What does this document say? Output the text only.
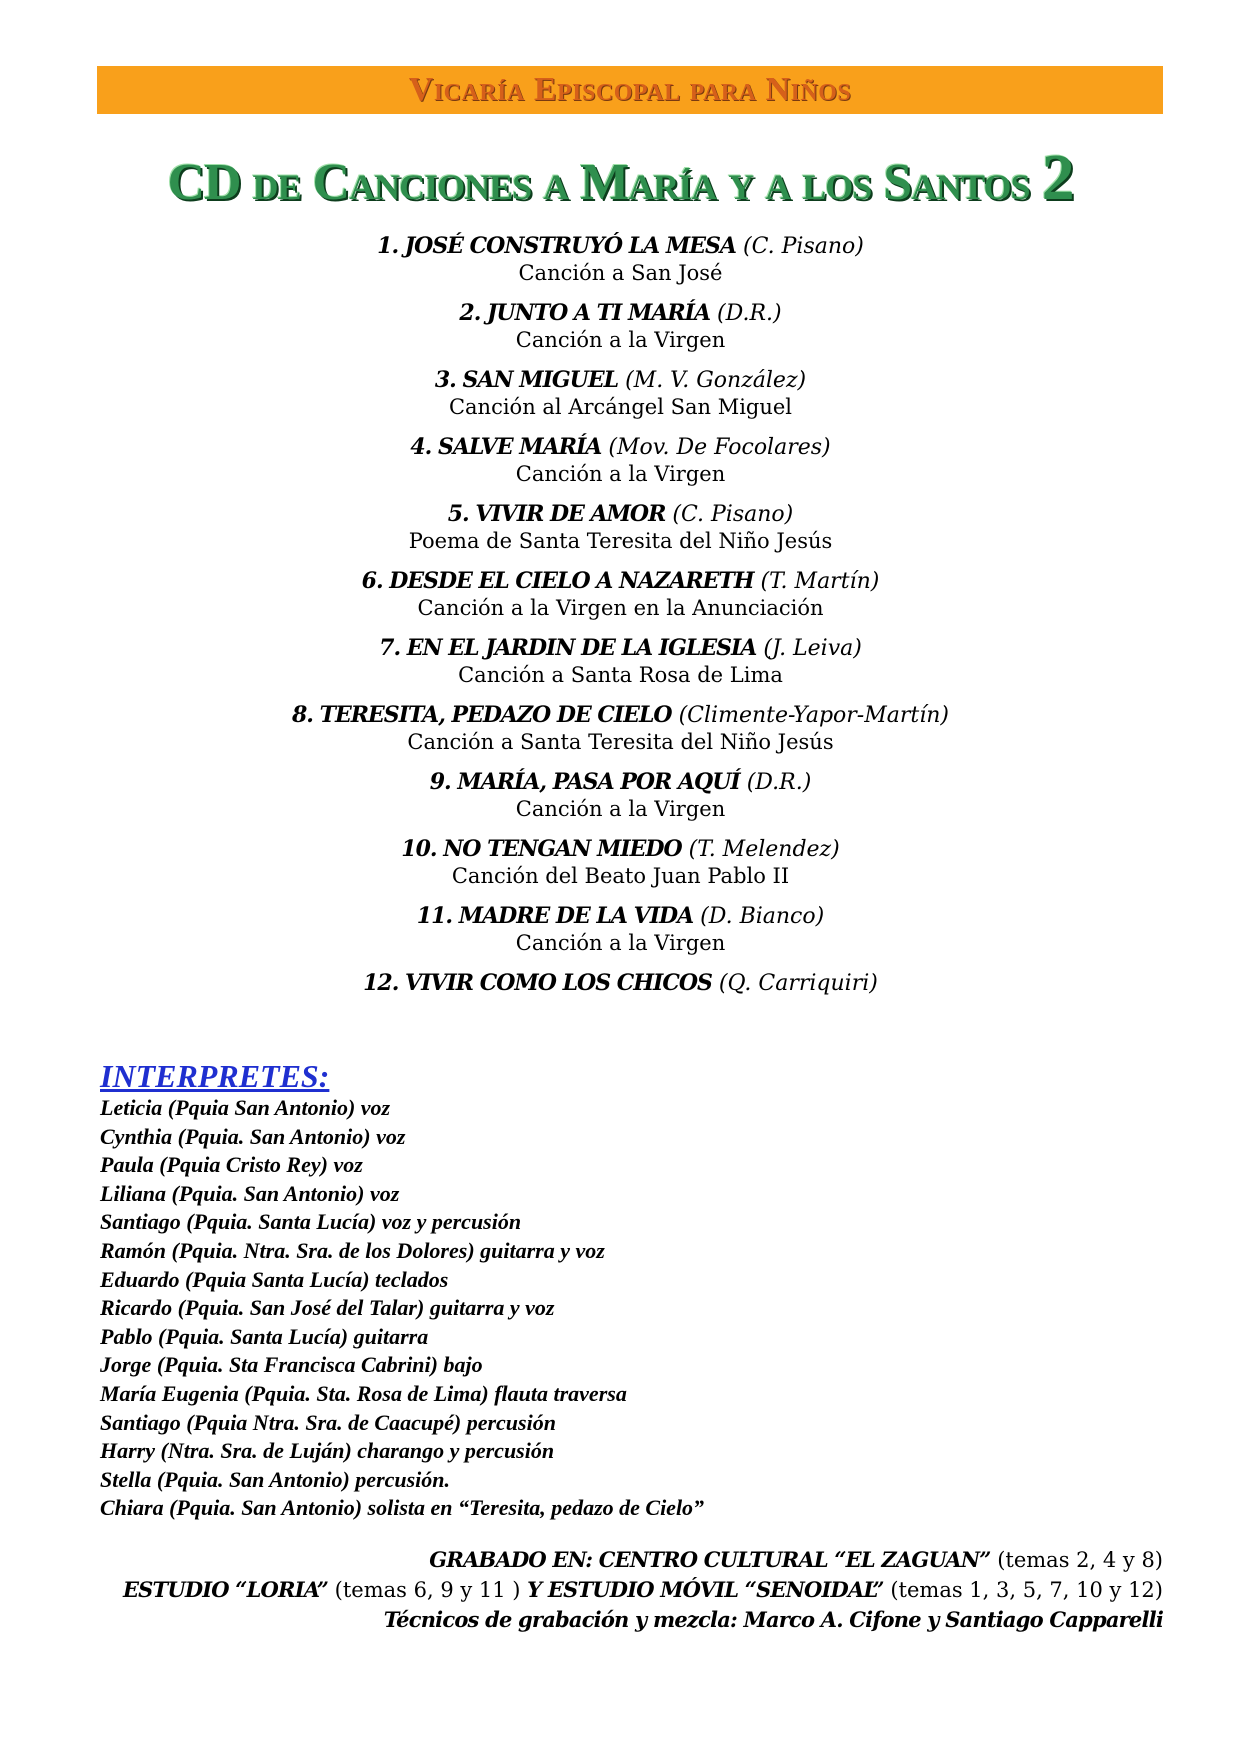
Vicaría Episcopal para Niños
CD de Canciones a María y a los Santos 2
1. JOSÉ CONSTRUYÓ LA MESA (C. Pisano)
Canción a San José
2. JUNTO A TI MARÍA (D.R.)
Canción a la Virgen
3. SAN MIGUEL (M. V. González)
Canción al Arcángel San Miguel
4. SALVE MARÍA (Mov. De Focolares)
Canción a la Virgen
5. VIVIR DE AMOR (C. Pisano)
Poema de Santa Teresita del Niño Jesús
6. DESDE EL CIELO A NAZARETH (T. Martín)
Canción a la Virgen en la Anunciación
7. EN EL JARDIN DE LA IGLESIA (J. Leiva)
Canción a Santa Rosa de Lima
8. TERESITA, PEDAZO DE CIELO (Climente-Yapor-Martín)
Canción a Santa Teresita del Niño Jesús
9. MARÍA, PASA POR AQUÍ (D.R.)
Canción a la Virgen
10. NO TENGAN MIEDO (T. Melendez)
Canción del Beato Juan Pablo II
11. MADRE DE LA VIDA (D. Bianco)
Canción a la Virgen
12. VIVIR COMO LOS CHICOS (Q. Carriquiri)
INTERPRETES:
Leticia (Pquia San Antonio) voz
Cynthia (Pquia. San Antonio) voz
Paula (Pquia Cristo Rey) voz
Liliana (Pquia. San Antonio) voz
Santiago (Pquia. Santa Lucía) voz y percusión
Ramón (Pquia. Ntra. Sra. de los Dolores) guitarra y voz
Eduardo (Pquia Santa Lucía) teclados
Ricardo (Pquia. San José del Talar) guitarra y voz
Pablo (Pquia. Santa Lucía) guitarra
Jorge (Pquia. Sta Francisca Cabrini) bajo
María Eugenia (Pquia. Sta. Rosa de Lima) flauta traversa
Santiago (Pquia Ntra. Sra. de Caacupé) percusión
Harry (Ntra. Sra. de Luján) charango y percusión
Stella (Pquia. San Antonio) percusión.
Chiara (Pquia. San Antonio) solista en “Teresita, pedazo de Cielo”
GRABADO EN: CENTRO CULTURAL “EL ZAGUAN” (temas 2, 4 y 8)
ESTUDIO “LORIA” (temas 6, 9 y 11 ) Y ESTUDIO MÓVIL “SENOIDAL” (temas 1, 3, 5, 7, 10 y 12)
Técnicos de grabación y mezcla: Marco A. Cifone y Santiago Capparelli
